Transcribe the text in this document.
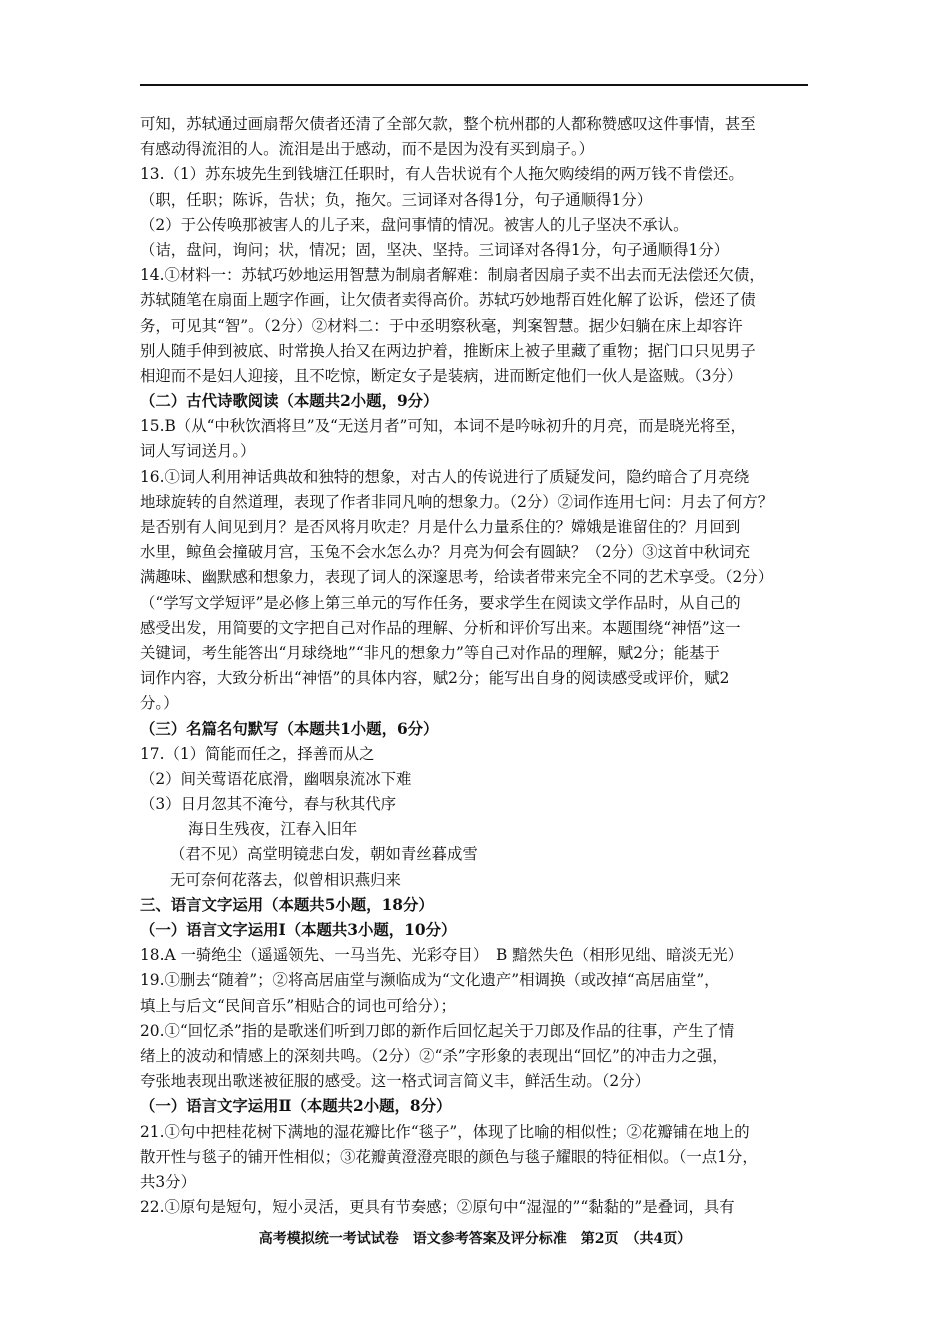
可知，苏轼通过画扇帮欠债者还清了全部欠款，整个杭州郡的人都称赞感叹这件事情，甚至
有感动得流泪的人。流泪是出于感动，而不是因为没有买到扇子。）
13.（1）苏东坡先生到钱塘江任职时，有人告状说有个人拖欠购绫绢的两万钱不肯偿还。
（职，任职；陈诉，告状；负，拖欠。三词译对各得1分，句子通顺得1分）
（2）于公传唤那被害人的儿子来，盘问事情的情况。被害人的儿子坚决不承认。
（诘，盘问，询问；状，情况；固，坚决、坚持。三词译对各得1分，句子通顺得1分）
14.①材料一：苏轼巧妙地运用智慧为制扇者解难：制扇者因扇子卖不出去而无法偿还欠债，
苏轼随笔在扇面上题字作画，让欠债者卖得高价。苏轼巧妙地帮百姓化解了讼诉，偿还了债
务，可见其“智”。（2分）②材料二：于中丞明察秋毫，判案智慧。据少妇躺在床上却容许
别人随手伸到被底、时常换人抬又在两边护着，推断床上被子里藏了重物；据门口只见男子
相迎而不是妇人迎接，且不吃惊，断定女子是装病，进而断定他们一伙人是盗贼。（3分）
（二）古代诗歌阅读（本题共2小题，9分）
15.B（从“中秋饮酒将旦”及“无送月者”可知，本词不是吟咏初升的月亮，而是晓光将至，
词人写词送月。）
16.①词人利用神话典故和独特的想象，对古人的传说进行了质疑发问，隐约暗合了月亮绕
地球旋转的自然道理，表现了作者非同凡响的想象力。（2分）②词作连用七问：月去了何方？
是否别有人间见到月？是否风将月吹走？月是什么力量系住的？嫦娥是谁留住的？月回到
水里，鲸鱼会撞破月宫，玉兔不会水怎么办？月亮为何会有圆缺？（2分）③这首中秋词充
满趣味、幽默感和想象力，表现了词人的深邃思考，给读者带来完全不同的艺术享受。（2分）
（“学写文学短评”是必修上第三单元的写作任务，要求学生在阅读文学作品时，从自己的
感受出发，用简要的文字把自己对作品的理解、分析和评价写出来。本题围绕“神悟”这一
关键词，考生能答出“月球绕地”“非凡的想象力”等自己对作品的理解，赋2分；能基于
词作内容，大致分析出“神悟”的具体内容，赋2分；能写出自身的阅读感受或评价，赋2
分。）
（三）名篇名句默写（本题共1小题，6分）
17.（1）简能而任之，择善而从之
（2）间关莺语花底滑，幽咽泉流冰下难
（3）日月忽其不淹兮，春与秋其代序
海日生残夜，江春入旧年
（君不见）高堂明镜悲白发，朝如青丝暮成雪
无可奈何花落去，似曾相识燕归来
三、语言文字运用（本题共5小题，18分）
（一）语言文字运用Ⅰ（本题共3小题，10分）
18.A 一骑绝尘（遥遥领先、一马当先、光彩夺目）　B 黯然失色（相形见绌、暗淡无光）
19.①删去“随着”；②将高居庙堂与濒临成为“文化遗产”相调换（或改掉“高居庙堂”，
填上与后文“民间音乐”相贴合的词也可给分）；
20.①“回忆杀”指的是歌迷们听到刀郎的新作后回忆起关于刀郎及作品的往事，产生了情
绪上的波动和情感上的深刻共鸣。（2分）②“杀”字形象的表现出“回忆”的冲击力之强，
夸张地表现出歌迷被征服的感受。这一格式词言简义丰，鲜活生动。（2分）
（一）语言文字运用Ⅱ（本题共2小题，8分）
21.①句中把桂花树下满地的湿花瓣比作“毯子”，体现了比喻的相似性；②花瓣铺在地上的
散开性与毯子的铺开性相似；③花瓣黄澄澄亮眼的颜色与毯子耀眼的特征相似。（一点1分，
共3分）
22.①原句是短句，短小灵活，更具有节奏感；②原句中“湿湿的”“黏黏的”是叠词，具有
高考模拟统一考试试卷　语文参考答案及评分标准　第2页　（共4页）
